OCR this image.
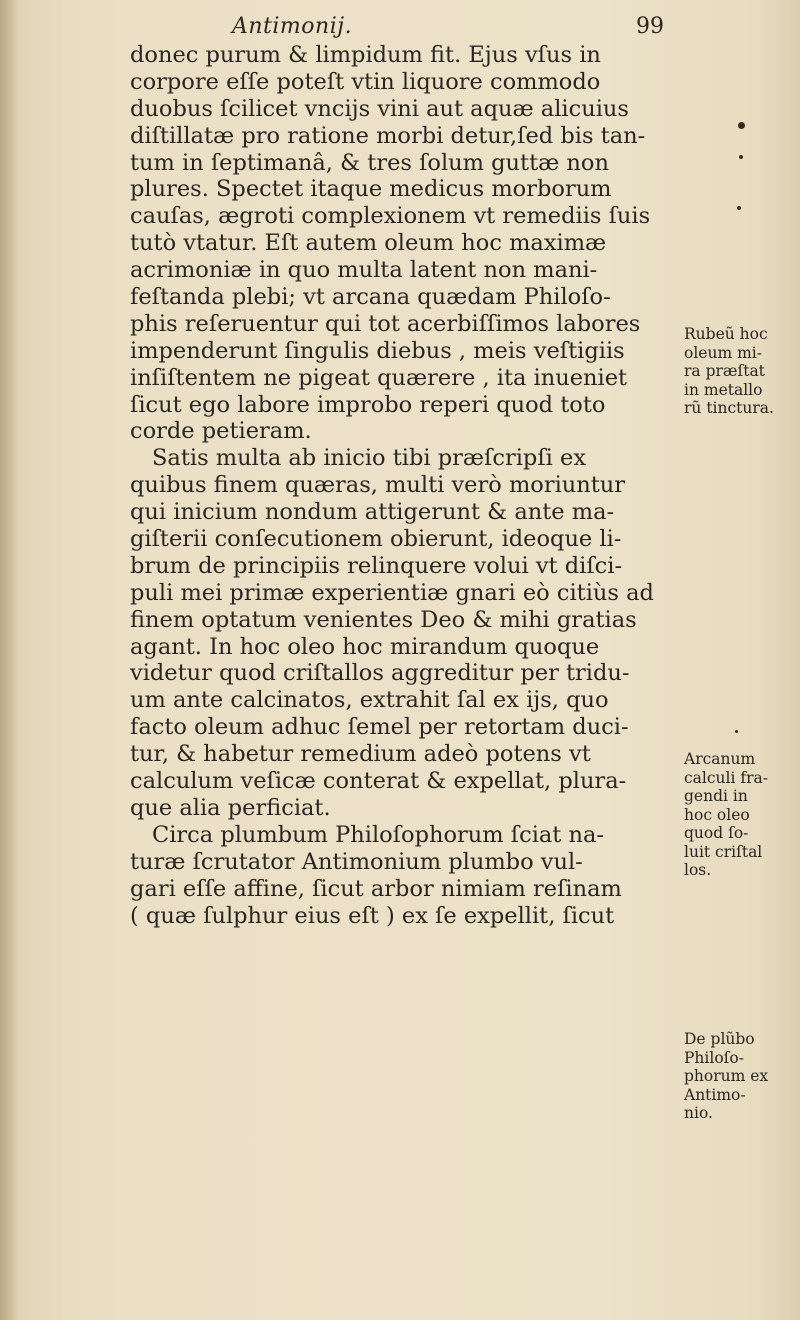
Antimonij.	99
donec purum & limpidum fit. Ejus vſus in
corpore eſſe poteſt vtin liquore commodo
duobus ſcilicet vncijs vini aut aquæ alicuius
diſtillatæ pro ratione morbi detur,ſed bis tan-
tum in ſeptimanâ, & tres ſolum guttæ non
plures. Spectet itaque medicus morborum
cauſas, ægroti complexionem vt remediis ſuis
tutò vtatur. Eſt autem oleum hoc maximæ
acrimoniæ in quo multa latent non mani-
feſtanda plebi; vt arcana quædam Philoſo-
phis reſeruentur qui tot acerbiſſimos labores
impenderunt ſingulis diebus , meis veſtigiis
inſiſtentem ne pigeat quærere , ita inueniet
ſicut ego labore improbo reperi quod toto
corde petieram.
Satis multa ab inicio tibi præſcripſi ex
quibus finem quæras, multi verò moriuntur
qui inicium nondum attigerunt & ante ma-
giſterii conſecutionem obierunt, ideoque li-
brum de principiis relinquere volui vt diſci-
puli mei primæ experientiæ gnari eò citiùs ad
finem optatum venientes Deo & mihi gratias
agant. In hoc oleo hoc mirandum quoque
videtur quod criſtallos aggreditur per tridu-
um ante calcinatos, extrahit ſal ex ijs, quo
facto oleum adhuc ſemel per retortam duci-
tur, & habetur remedium adeò potens vt
calculum veſicæ conterat & expellat, plura-
que alia perficiat.
Circa plumbum Philoſophorum ſciat na-
turæ ſcrutator Antimonium plumbo vul-
gari eſſe affine, ſicut arbor nimiam reſinam
( quæ ſulphur eius eſt ) ex ſe expellit, ſicut
Rubeũ hoc
oleum mi-
ra præſtat
in metallo
rũ tinctura.
Arcanum
calculi fra-
gendi in
hoc oleo
quod ſo-
luit criſtal
los.
De plũbo
Philoſo-
phorum ex
Antimo-
nio.
